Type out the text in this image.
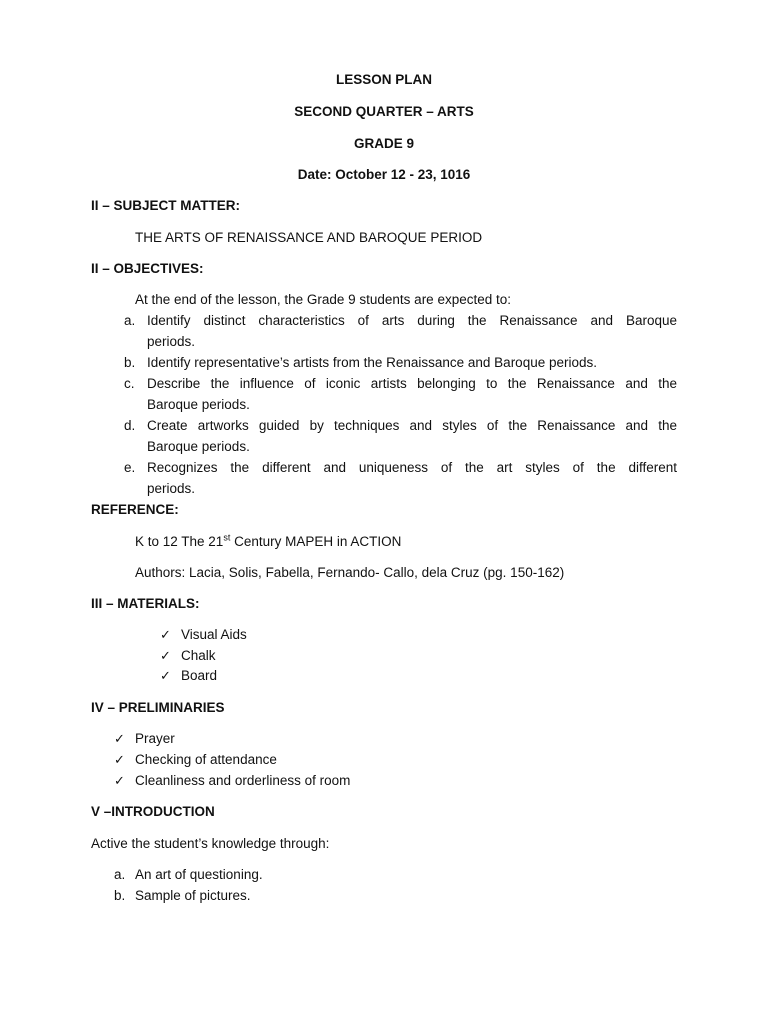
LESSON PLAN
SECOND QUARTER – ARTS
GRADE 9
Date: October 12 - 23, 1016
II – SUBJECT MATTER:
THE ARTS OF RENAISSANCE AND BAROQUE PERIOD
II – OBJECTIVES:
At the end of the lesson, the Grade 9 students are expected to:
a. Identify distinct characteristics of arts during the Renaissance and Baroque
periods.
b. Identify representative’s artists from the Renaissance and Baroque periods.
c. Describe the influence of iconic artists belonging to the Renaissance and the
Baroque periods.
d. Create artworks guided by techniques and styles of the Renaissance and the
Baroque periods.
e. Recognizes the different and uniqueness of the art styles of the different
periods.
REFERENCE:
K to 12 The 21st Century MAPEH in ACTION
Authors: Lacia, Solis, Fabella, Fernando- Callo, dela Cruz (pg. 150-162)
III – MATERIALS:
✓ Visual Aids
✓ Chalk
✓ Board
IV – PRELIMINARIES
✓ Prayer
✓ Checking of attendance
✓ Cleanliness and orderliness of room
V –INTRODUCTION
Active the student’s knowledge through:
a. An art of questioning.
b. Sample of pictures.
